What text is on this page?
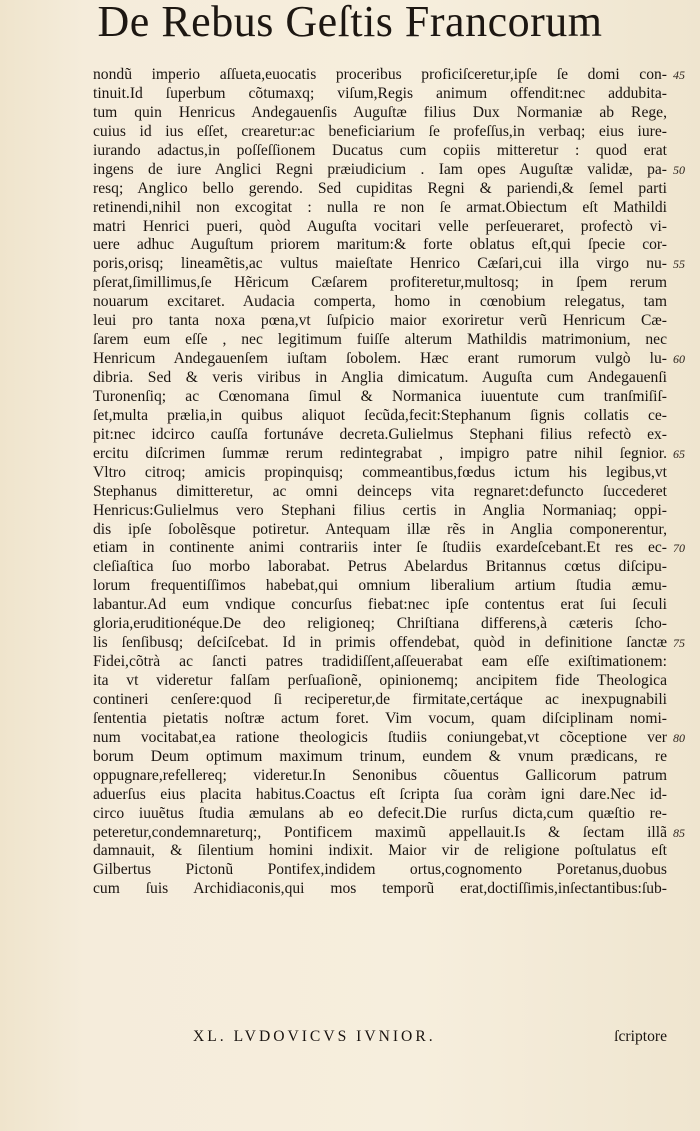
De Rebus Geſtis Francorum
nondũ imperio aſſueta,euocatis proceribus proficiſceretur,ipſe ſe domi con- 45
tinuit.Id ſuperbum cõtumaxq; viſum,Regis animum offendit:nec addubita-
tum quin Henricus Andegauenſis Auguſtæ filius Dux Normaniæ ab Rege,
cuius id ius eſſet, crearetur:ac beneficiarium ſe profeſſus,in verbaq; eius iure-
iurando adactus,in poſſeſſionem Ducatus cum copiis mitteretur : quod erat
ingens de iure Anglici Regni præiudicium . Iam opes Auguſtæ validæ, pa- 50
resq; Anglico bello gerendo. Sed cupiditas Regni & pariendi,& ſemel parti
retinendi,nihil non excogitat : nulla re non ſe armat.Obiectum eſt Mathildi
matri Henrici pueri, quòd Auguſta vocitari velle perſeueraret, profectò vi-
uere adhuc Auguſtum priorem maritum:& forte oblatus eſt,qui ſpecie cor-
poris,orisq; lineamẽtis,ac vultus maieſtate Henrico Cæſari,cui illa virgo nu- 55
pſerat,ſimillimus,ſe Hẽricum Cæſarem profiteretur,multosq; in ſpem rerum
nouarum excitaret. Audacia comperta, homo in cœnobium relegatus, tam
leui pro tanta noxa pœna,vt ſuſpicio maior exoriretur verũ Henricum Cæ-
ſarem eum eſſe , nec legitimum fuiſſe alterum Mathildis matrimonium, nec
Henricum Andegauenſem iuſtam ſobolem. Hæc erant rumorum vulgò lu- 60
dibria. Sed & veris viribus in Anglia dimicatum. Auguſta cum Andegauenſi
Turonenſiq; ac Cœnomana ſimul & Normanica iuuentute cum tranſmiſiſ-
ſet,multa prælia,in quibus aliquot ſecũda,fecit:Stephanum ſignis collatis ce-
pit:nec idcirco cauſſa fortunáve decreta.Gulielmus Stephani filius refectò ex-
ercitu diſcrimen ſummæ rerum redintegrabat , impigro patre nihil ſegnior. 65
Vltro citroq; amicis propinquisq; commeantibus,fœdus ictum his legibus,vt
Stephanus dimitteretur, ac omni deinceps vita regnaret:defuncto ſuccederet
Henricus:Gulielmus vero Stephani filius certis in Anglia Normaniaq; oppi-
dis ipſe ſobolẽsque potiretur. Antequam illæ rẽs in Anglia componerentur,
etiam in continente animi contrariis inter ſe ſtudiis exardeſcebant.Et res ec- 70
cleſiaſtica ſuo morbo laborabat. Petrus Abelardus Britannus cœtus diſcipu-
lorum frequentiſſimos habebat,qui omnium liberalium artium ſtudia æmu-
labantur.Ad eum vndique concurſus fiebat:nec ipſe contentus erat ſui ſeculi
gloria,eruditionéque.De deo religioneq; Chriſtiana differens,à cæteris ſcho-
lis ſenſibusq; deſciſcebat. Id in primis offendebat, quòd in definitione ſanctæ 75
Fidei,cõtrà ac ſancti patres tradidiſſent,aſſeuerabat eam eſſe exiſtimationem:
ita vt videretur falſam perſuaſionẽ, opinionemq; ancipitem fide Theologica
contineri cenſere:quod ſi reciperetur,de firmitate,certáque ac inexpugnabili
ſententia pietatis noſtræ actum foret. Vim vocum, quam diſciplinam nomi-
num vocitabat,ea ratione theologicis ſtudiis coniungebat,vt cõceptione ver 80
borum Deum optimum maximum trinum, eundem & vnum prædicans, re
oppugnare,refellereq; videretur.In Senonibus cõuentus Gallicorum patrum
aduerſus eius placita habitus.Coactus eſt ſcripta ſua coràm igni dare.Nec id-
circo iuuẽtus ſtudia æmulans ab eo defecit.Die rurſus dicta,cum quæſtio re-
peteretur,condemnareturq;, Pontificem maximũ appellauit.Is & ſectam illã 85
damnauit, & ſilentium homini indixit. Maior vir de religione poſtulatus eſt
Gilbertus Pictonũ Pontifex,indidem ortus,cognomento Poretanus,duobus
cum ſuis Archidiaconis,qui mos temporũ erat,doctiſſimis,inſectantibus:ſub-
XL. LVDOVICVS IVNIOR.	ſcriptore
